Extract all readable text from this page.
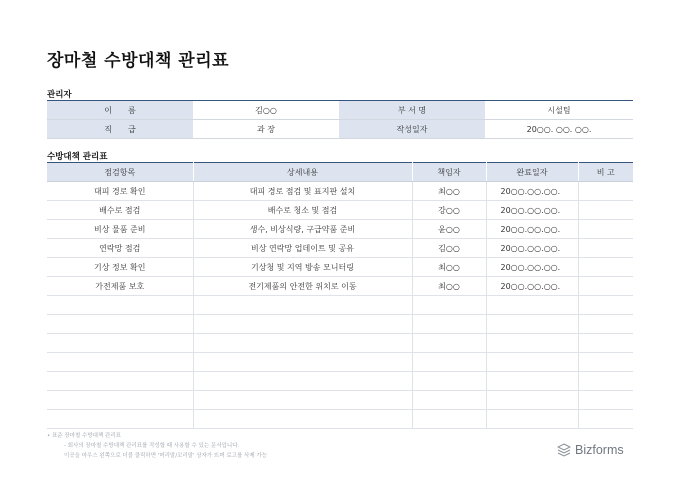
장마철 수방대책 관리표
관리자
이　　름	김○○	부 서 명	시설팀
직　　급	과 장	작성일자	20○○. ○○. ○○.
수방대책 관리표
점검항목	상세내용	책임자	완료일자	비 고
대피 경로 확인	대피 경로 점검 및 표지판 설치	최○○	20○○.○○.○○.	
배수로 점검	배수로 청소 및 점검	강○○	20○○.○○.○○.	
비상 물품 준비	생수, 비상식량, 구급약품 준비	윤○○	20○○.○○.○○.	
연락망 점검	비상 연락망 업데이트 및 공유	김○○	20○○.○○.○○.	
기상 정보 확인	기상청 및 지역 방송 모니터링	최○○	20○○.○○.○○.	
가전제품 보호	전기제품의 안전한 위치로 이동	최○○	20○○.○○.○○.	

• 표준 장마철 수방대책 관리표
- 회사의 장마철 수방대책 관리표를 작성할 때 사용할 수 있는 문서입니다.
이곳을 마우스 왼쪽으로 더블 클릭하면 '머리말/꼬리말' 상자가 뜨며 로고를 삭제 가능	Bizforms
